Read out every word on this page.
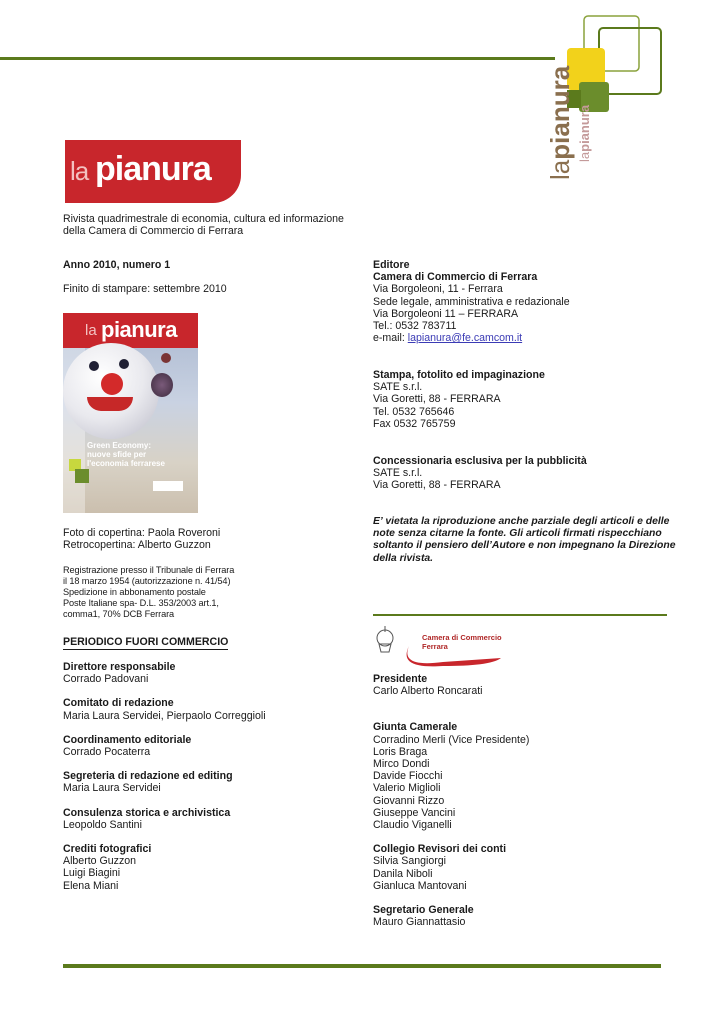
lapianura lapianura
la pianura
Rivista quadrimestrale di economia, cultura ed informazione
della Camera di Commercio di Ferrara
Anno 2010, numero 1
Finito di stampare: settembre 2010
la pianura
Green Economy:
nuove sfide per
l'economia ferrarese
Foto di copertina: Paola Roveroni
Retrocopertina: Alberto Guzzon
Registrazione presso il Tribunale di Ferrara
il 18 marzo 1954 (autorizzazione n. 41/54)
Spedizione in abbonamento postale
Poste Italiane spa- D.L. 353/2003 art.1,
comma1, 70% DCB Ferrara
PERIODICO FUORI COMMERCIO
Direttore responsabile
Corrado Padovani
Comitato di redazione
Maria Laura Servidei, Pierpaolo Correggioli
Coordinamento editoriale
Corrado Pocaterra
Segreteria di redazione ed editing
Maria Laura Servidei
Consulenza storica e archivistica
Leopoldo Santini
Crediti fotografici
Alberto Guzzon
Luigi Biagini
Elena Miani
Editore
Camera di Commercio di Ferrara
Via Borgoleoni, 11 - Ferrara
Sede legale, amministrativa e redazionale
Via Borgoleoni 11 – FERRARA
Tel.: 0532 783711
e-mail: lapianura@fe.camcom.it
Stampa, fotolito ed impaginazione
SATE s.r.l.
Via Goretti, 88 - FERRARA
Tel. 0532 765646
Fax 0532 765759
Concessionaria esclusiva per la pubblicità
SATE s.r.l.
Via Goretti, 88 - FERRARA
E’ vietata la riproduzione anche parziale degli articoli e delle
note senza citarne la fonte. Gli articoli firmati rispecchiano
soltanto il pensiero dell’Autore e non impegnano la Direzione
della rivista.
Camera di Commercio
Ferrara
Presidente
Carlo Alberto Roncarati
Giunta Camerale
Corradino Merli (Vice Presidente)
Loris Braga
Mirco Dondi
Davide Fiocchi
Valerio Miglioli
Giovanni Rizzo
Giuseppe Vancini
Claudio Viganelli
Collegio Revisori dei conti
Silvia Sangiorgi
Danila Niboli
Gianluca Mantovani
Segretario Generale
Mauro Giannattasio
